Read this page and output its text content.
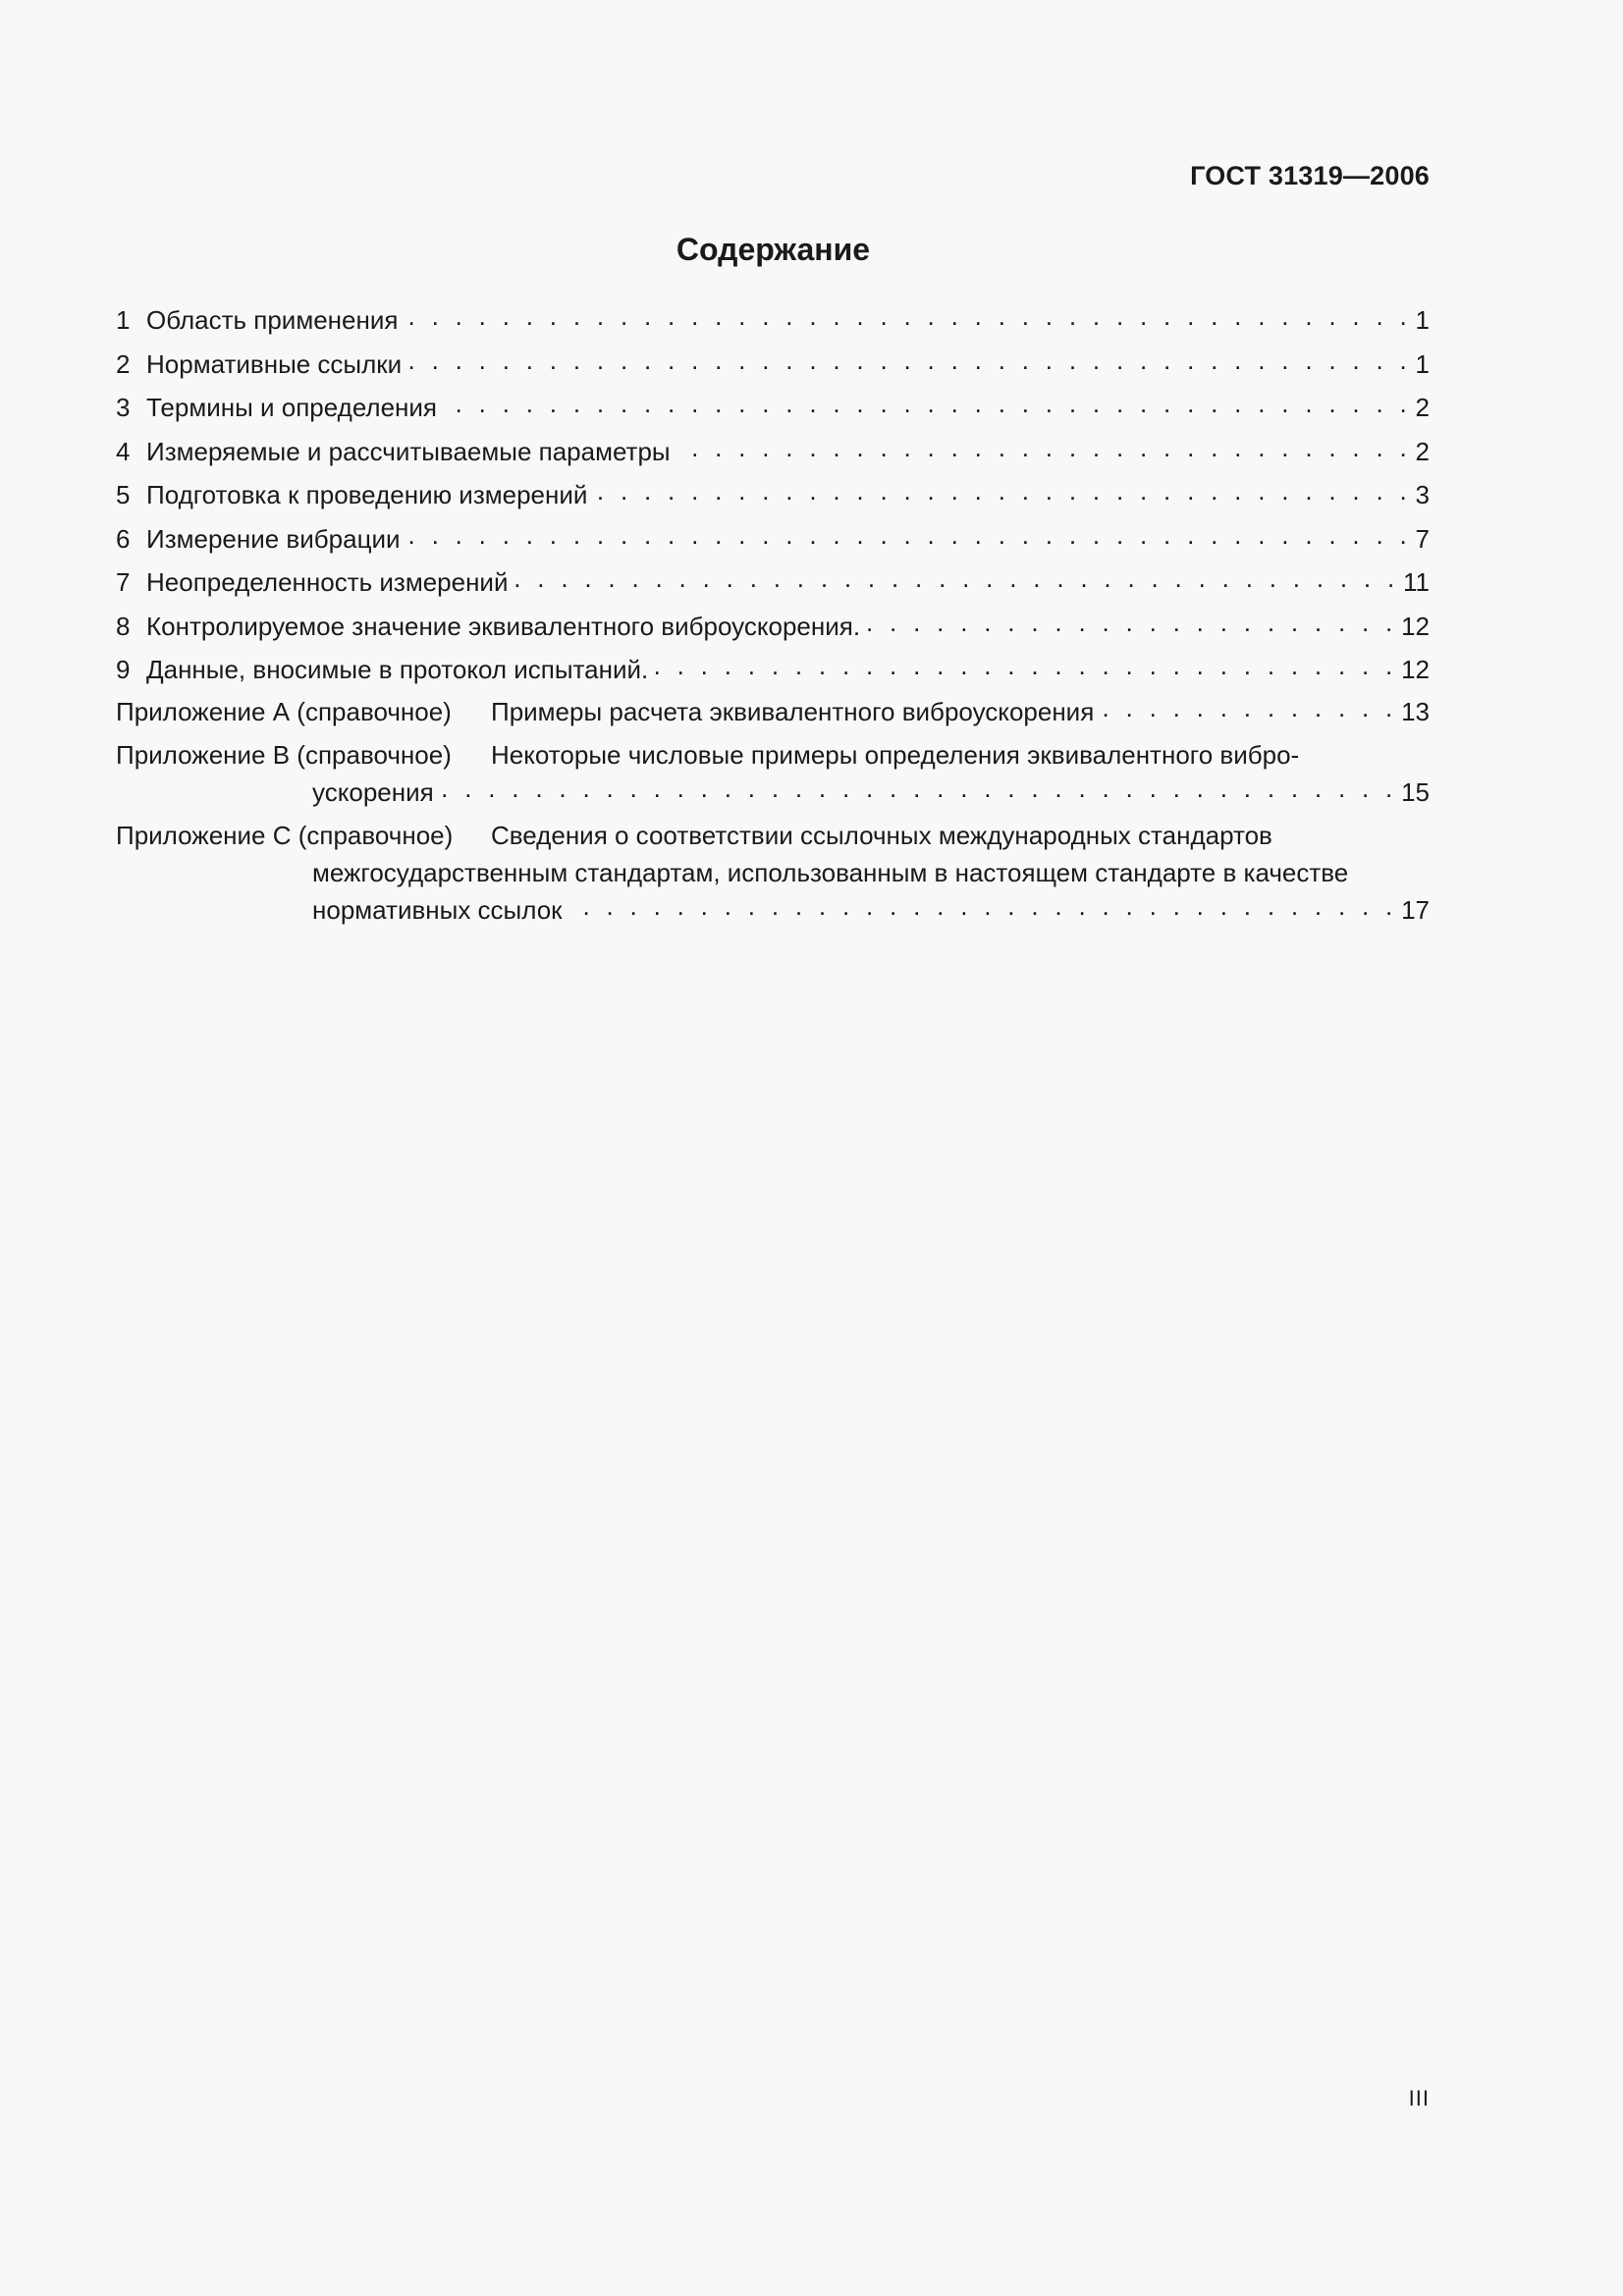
ГОСТ 31319—2006
Содержание
1 Область применения . . .	1
2 Нормативные ссылки . . .	1
3 Термины и определения . . .	2
4 Измеряемые и рассчитываемые параметры . . .	2
5 Подготовка к проведению измерений . . .	3
6 Измерение вибрации . . .	7
7 Неопределенность измерений . . .	11
8 Контролируемое значение эквивалентного виброускорения. . . .	12
9 Данные, вносимые в протокол испытаний. . . .	12
Приложение А (справочное)	Примеры расчета эквивалентного виброускорения . . .	13
Приложение В (справочное)	Некоторые числовые примеры определения эквивалентного вибро-
ускорения . . .	15
Приложение С (справочное)	Сведения о соответствии ссылочных международных стандартов
межгосударственным стандартам, использованным в настоящем стандарте в качестве
нормативных ссылок . . .	17
III
